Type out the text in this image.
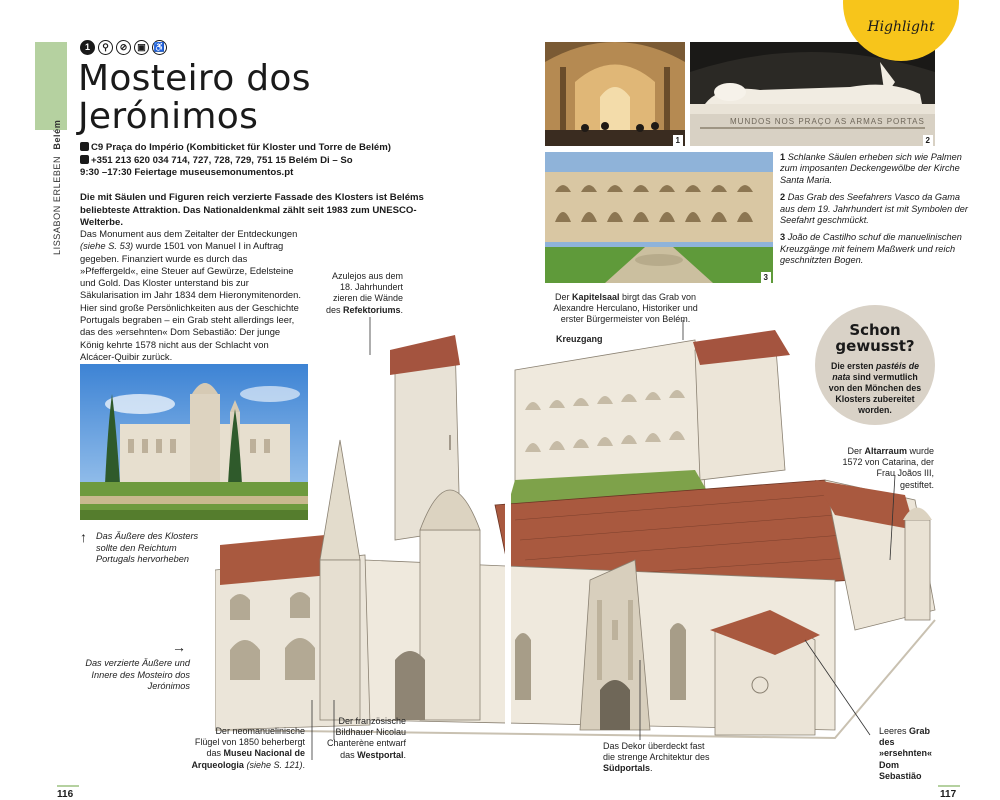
LISSABON ERLEBEN  Belém
1	⚲	⊘	▣ ♿
Mosteiro dos
Jerónimos
C9 Praça do Império (Kombiticket für Kloster und Torre de Belém)
+351 213 620 034 714, 727, 728, 729, 751 15 Belém Di – So
9:30 –17:30 Feiertage museusemonumentos.pt

Die mit Säulen und Figuren reich verzierte Fassade des Klosters ist Beléms beliebteste Attraktion. Das Nationaldenkmal zählt seit 1983 zum UNESCO-Welterbe.

Das Monument aus dem Zeitalter der Entdeckungen (siehe S. 53) wurde 1501 von Manuel I in Auftrag gegeben. Finanziert wurde es durch das »Pfeffergeld«, eine Steuer auf Gewürze, Edelsteine und Gold. Das Kloster unterstand bis zur Säkularisation im Jahr 1834 dem Hieronymitenorden. Hier sind große Persönlichkeiten aus der Geschichte Portugals begraben – ein Grab steht allerdings leer, das des »ersehnten« Dom Sebastião: Der junge König kehrte 1578 nicht aus der Schlacht von Alcácer-Quibir zurück.

↑ Das Äußere des Klosters sollte den Reichtum Portugals hervorheben
→
Das verzierte Äußere und Innere des Mosteiro dos Jerónimos
1
MUNDOS NOS PRAÇO AS ARMAS PORTAS
2
3
1 Schlanke Säulen erheben sich wie Palmen zum imposanten Deckengewölbe der Kirche Santa Maria.
2 Das Grab des Seefahrers Vasco da Gama aus dem 19. Jahrhundert ist mit Symbolen der Seefahrt geschmückt.
3 João de Castilho schuf die manuelinischen Kreuzgänge mit feinem Maßwerk und reich geschnitzten Bogen.
Highlight
Schon
gewusst?
Die ersten pastéis de nata sind vermutlich von den Mönchen des Klosters zubereitet worden.
Azulejos aus dem 18. Jahrhundert zieren die Wände des Refektoriums.
Der Kapitelsaal birgt das Grab von Alexandre Herculano, Historiker und erster Bürgermeister von Belém.
Kreuzgang
Der Altarraum wurde 1572 von Catarina, der Frau Joãos III, gestiftet.
Der neomanuelinische Flügel von 1850 beherbergt das Museu Nacional de Arqueologia (siehe S. 121).
Der französische Bildhauer Nicolau Chanterène entwarf das Westportal.
Das Dekor überdeckt fast die strenge Architektur des Südportals.
Leeres Grab des »ersehnten« Dom Sebastião
116	117
